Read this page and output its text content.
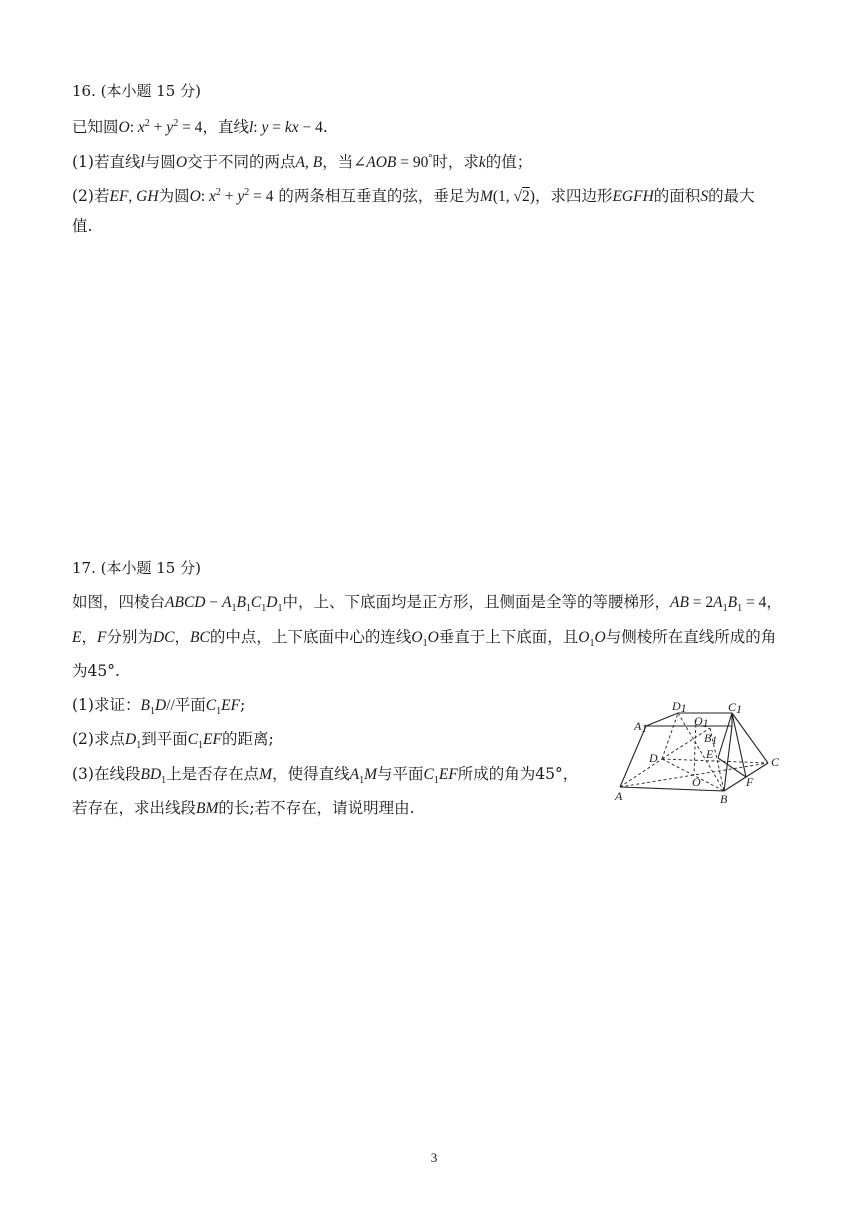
16. (本小题 15 分)
已知圆O: $x^2 + y^2 = 4$，直线l: y = kx − 4.
(1)若直线l与圆O交于不同的两点A, B，当∠AOB = 90°时，求k的值；
(2)若EF, GH为圆O: $x^2 + y^2 = 4$ 的两条相互垂直的弦，垂足为M(1, √2)，求四边形EGFH的面积S的最大
值.
17. (本小题 15 分)
如图，四棱台ABCD − $A_1B_1C_1D_1$中，上、下底面均是正方形，且侧面是全等的等腰梯形，AB = $2A_1B_1 = 4$，
E，F分别为DC，BC的中点，上下底面中心的连线$O_1O$垂直于上下底面，且$O_1O$与侧棱所在直线所成的角
为45°.
(1)求证：$B_1D//$平面$C_1EF$;
(2)求点$D_1$到平面$C_1EF$的距离;
(3)在线段$BD_1$上是否存在点M，使得直线$A_1M$与平面$C_1EF$所成的角为45°，
若存在，求出线段BM的长;若不存在，请说明理由.
D1	C1
A1	O1
B1
D	E
C
O	F
A	B
3
